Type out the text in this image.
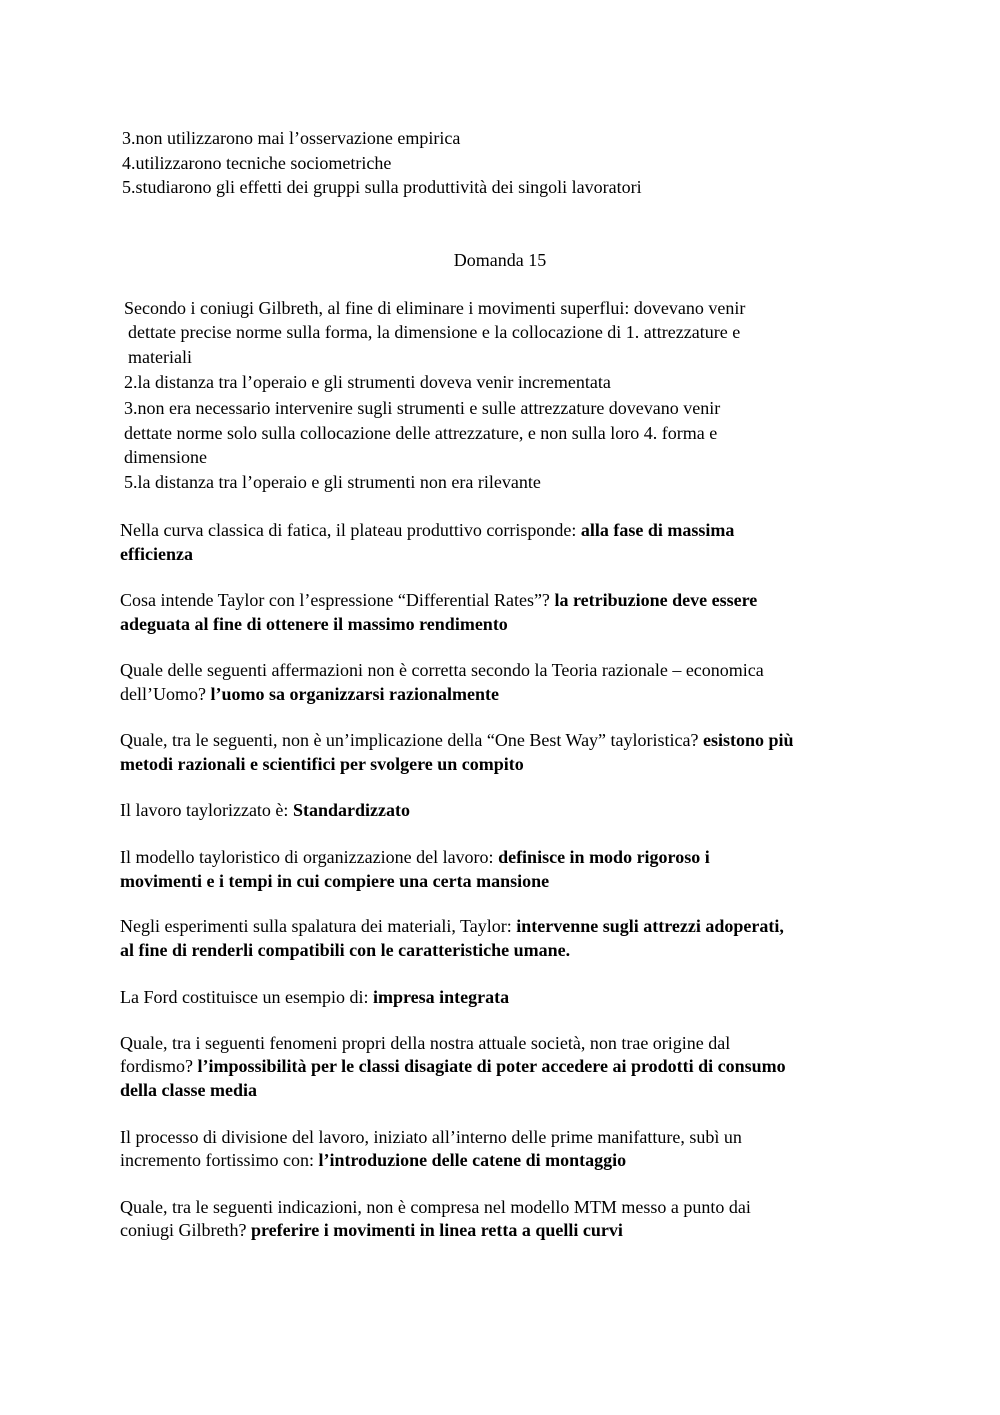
3.non utilizzarono mai l’osservazione empirica
4.utilizzarono tecniche sociometriche
5.studiarono gli effetti dei gruppi sulla produttività dei singoli lavoratori
Domanda 15
Secondo i coniugi Gilbreth, al fine di eliminare i movimenti superflui: dovevano venir
dettate precise norme sulla forma, la dimensione e la collocazione di 1. attrezzature e
materiali
2.la distanza tra l’operaio e gli strumenti doveva venir incrementata
3.non era necessario intervenire sugli strumenti e sulle attrezzature dovevano venir
dettate norme solo sulla collocazione delle attrezzature, e non sulla loro 4. forma e
dimensione
5.la distanza tra l’operaio e gli strumenti non era rilevante
Nella curva classica di fatica, il plateau produttivo corrisponde: alla fase di massima
efficienza
Cosa intende Taylor con l’espressione “Differential Rates”? la retribuzione deve essere
adeguata al fine di ottenere il massimo rendimento
Quale delle seguenti affermazioni non è corretta secondo la Teoria razionale – economica
dell’Uomo? l’uomo sa organizzarsi razionalmente
Quale, tra le seguenti, non è un’implicazione della “One Best Way” tayloristica? esistono più
metodi razionali e scientifici per svolgere un compito
Il lavoro taylorizzato è: Standardizzato
Il modello tayloristico di organizzazione del lavoro: definisce in modo rigoroso i
movimenti e i tempi in cui compiere una certa mansione
Negli esperimenti sulla spalatura dei materiali, Taylor: intervenne sugli attrezzi adoperati,
al fine di renderli compatibili con le caratteristiche umane.
La Ford costituisce un esempio di: impresa integrata
Quale, tra i seguenti fenomeni propri della nostra attuale società, non trae origine dal
fordismo? l’impossibilità per le classi disagiate di poter accedere ai prodotti di consumo
della classe media
Il processo di divisione del lavoro, iniziato all’interno delle prime manifatture, subì un
incremento fortissimo con: l’introduzione delle catene di montaggio
Quale, tra le seguenti indicazioni, non è compresa nel modello MTM messo a punto dai
coniugi Gilbreth? preferire i movimenti in linea retta a quelli curvi
